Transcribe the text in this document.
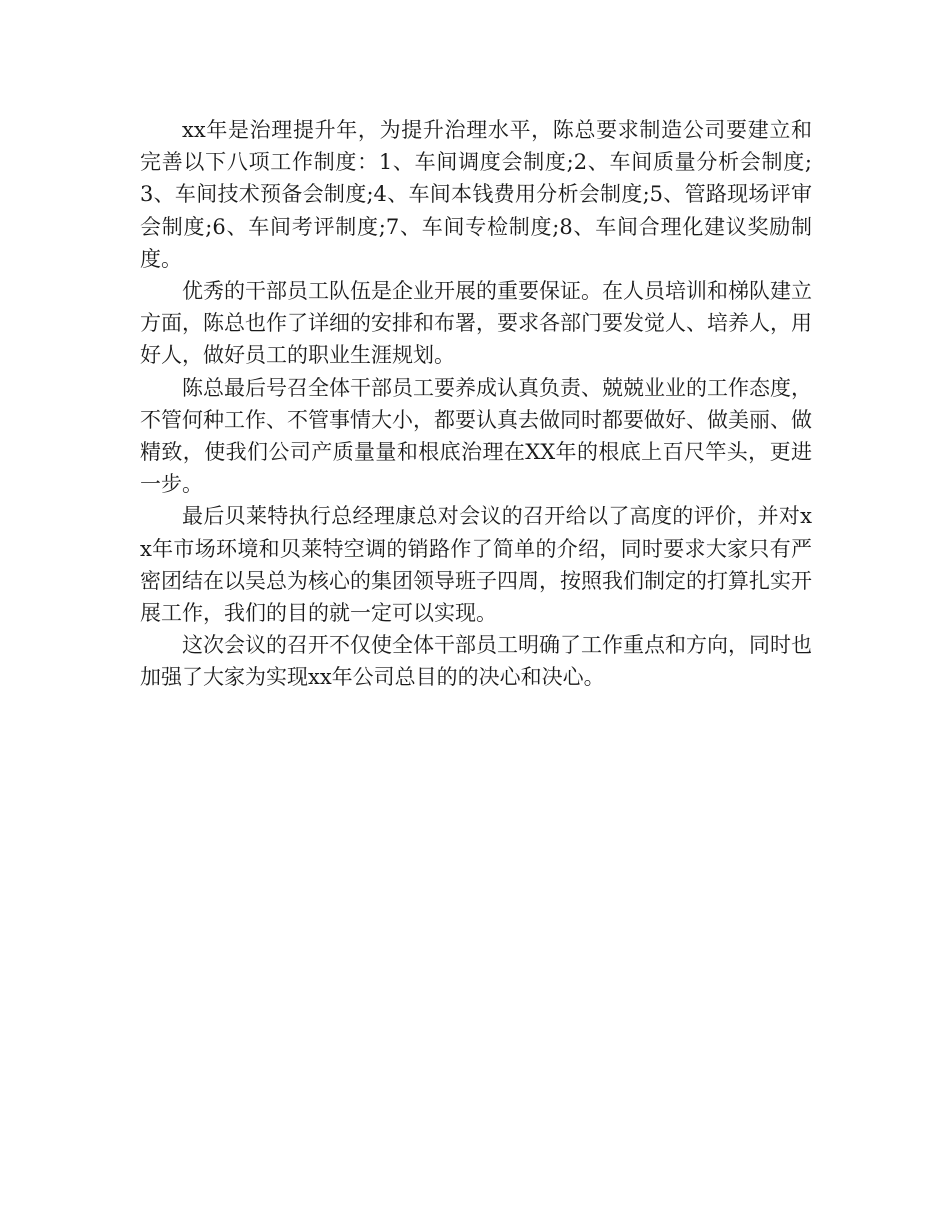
xx年是治理提升年，为提升治理水平，陈总要求制造公司要建立和完善以下八项工作制度：1、车间调度会制度;2、车间质量分析会制度;3、车间技术预备会制度;4、车间本钱费用分析会制度;5、管路现场评审会制度;6、车间考评制度;7、车间专检制度;8、车间合理化建议奖励制度。

优秀的干部员工队伍是企业开展的重要保证。在人员培训和梯队建立方面，陈总也作了详细的安排和布署，要求各部门要发觉人、培养人，用好人，做好员工的职业生涯规划。

陈总最后号召全体干部员工要养成认真负责、兢兢业业的工作态度，不管何种工作、不管事情大小，都要认真去做同时都要做好、做美丽、做精致，使我们公司产质量量和根底治理在XX年的根底上百尺竿头，更进一步。

最后贝莱特执行总经理康总对会议的召开给以了高度的评价，并对xx年市场环境和贝莱特空调的销路作了简单的介绍，同时要求大家只有严密团结在以吴总为核心的集团领导班子四周，按照我们制定的打算扎实开展工作，我们的目的就一定可以实现。

这次会议的召开不仅使全体干部员工明确了工作重点和方向，同时也加强了大家为实现xx年公司总目的的决心和决心。
